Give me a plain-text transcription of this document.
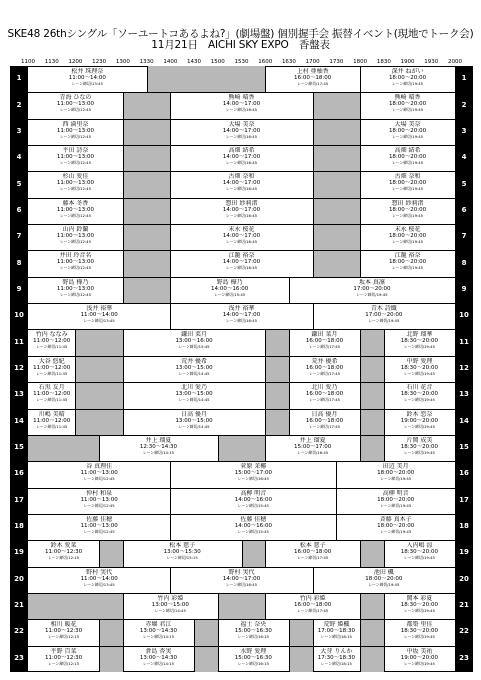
SKE48 26thシングル「ソーユートコあるよね?」(劇場盤) 個別握手会 振替イベント(現地でトーク会)
11月21日　AICHI SKY EXPO　香盤表
1100	1130	1200	1230	1300	1330	1400	1430	1500	1530	1600	1630	1700	1730	1800	1830	1900	1930	2000
松井 珠理奈
11:00〜14:00
レーン締切/13:45
上村 亜柚香
16:00〜18:00
レーン締切/17:45
深井 ねがい
18:00〜20:00
レーン締切/19:45
1	1
青海 ひなの
11:00〜13:00
レーン締切/12:45
熊崎 晴香
14:00〜17:00
レーン締切/16:45
熊崎 晴香
18:00〜20:00
レーン締切/19:45
2	2
西 満里奈
11:00〜13:00
レーン締切/12:45
大場 美奈
14:00〜17:00
レーン締切/16:45
大場 美奈
18:00〜20:00
レーン締切/19:45
3	3
平田 詩奈
11:00〜13:00
レーン締切/12:45
高畑 結希
14:00〜17:00
レーン締切/16:45
高畑 結希
18:00〜20:00
レーン締切/19:45
4	4
杉山 愛佳
11:00〜13:00
レーン締切/12:45
古畑 奈和
14:00〜17:00
レーン締切/16:45
古畑 奈和
18:00〜20:00
レーン締切/19:45
5	5
藤本 冬香
11:00〜13:00
レーン締切/12:45
惣田 紗莉渚
14:00〜17:00
レーン締切/16:45
惣田 紗莉渚
18:00〜20:00
レーン締切/19:45
6	6
山内 鈴蘭
11:00〜13:00
レーン締切/12:45
末永 桜花
14:00〜17:00
レーン締切/16:45
末永 桜花
18:00〜20:00
レーン締切/19:45
7	7
井田 玲音名
11:00〜13:00
レーン締切/12:45
江籠 裕奈
14:00〜17:00
レーン締切/16:45
江籠 裕奈
18:00〜20:00
レーン締切/19:45
8	8
野島 樺乃
11:00〜13:00
レーン締切/12:45
野島 樺乃
14:00〜16:00
レーン締切/15:45
坂本 真凛
17:00〜20:00
レーン締切/19:45
9	9
浅井 裕華
11:00〜14:00
レーン締切/13:45
浅井 裕華
14:00〜17:00
レーン締切/16:45
青木 詩織
17:00〜20:00
レーン締切/19:45
10	10
竹内 ななみ
11:00〜12:00
レーン締切/11:45
鎌田 菜月
13:00〜16:00
レーン締切/15:45
鎌田 菜月
16:00〜18:00
レーン締切/17:45
北野 瑠華
18:30〜20:00
レーン締切/19:45
11	11
大谷 悠妃
11:00〜12:00
レーン締切/11:45
荒井 優希
13:00〜15:00
レーン締切/14:45
荒井 優希
16:00〜18:00
レーン締切/17:45
中野 愛理
18:30〜20:00
レーン締切/19:45
12	12
石黒 友月
11:00〜12:00
レーン締切/11:45
北川 愛乃
13:00〜15:00
レーン締切/14:45
北川 愛乃
16:00〜18:00
レーン締切/17:45
石川 花音
18:30〜20:00
レーン締切/19:45
13	13
川嶋 美晴
11:00〜12:00
レーン締切/11:45
日高 優月
13:00〜15:00
レーン締切/14:45
日高 優月
16:00〜18:00
レーン締切/17:45
鈴木 恋奈
19:00〜20:00
レーン締切/19:45
14	14
井上 瑠夏
12:30〜14:30
レーン締切/14:15
井上 瑠夏
15:00〜17:00
レーン締切/16:45
片岡 成美
18:30〜20:00
レーン締切/19:45
15	15
谷 真理佳
11:00〜13:00
レーン締切/12:45
菅原 茉椰
15:00〜17:00
レーン締切/16:45
田辺 美月
18:00〜20:00
レーン締切/19:45
16	16
仲村 和泉
11:00〜13:00
レーン締切/12:45
高柳 明音
14:00〜16:00
レーン締切/15:45
高柳 明音
18:00〜20:00
レーン締切/19:45
17	17
佐藤 佳穂
11:00〜13:00
レーン締切/12:45
佐藤 佳穂
14:00〜16:00
レーン締切/15:45
斉藤 真木子
18:00〜20:00
レーン締切/19:45
18	18
鈴木 愛菜
11:00〜12:30
レーン締切/12:15
松本 慈子
13:00〜15:30
レーン締切/15:15
松本 慈子
16:00〜18:00
レーン締切/17:45
入内嶋 涼
18:30〜20:00
レーン締切/19:45
19	19
野村 実代
11:00〜14:00
レーン締切/13:45
野村 実代
14:00〜17:00
レーン締切/16:45
池田 楓
18:00〜20:00
レーン締切/19:45
20	20
竹内 彩姫
13:00〜15:00
レーン締切/14:45
竹内 彩姫
16:00〜18:00
レーン締切/17:45
岡本 彩夏
18:30〜20:00
レーン締切/19:45
21	21
相川 暖花
11:00〜12:30
レーン締切/12:15
赤堀 君江
13:00〜14:30
レーン締切/14:15
福士 奈央
15:00〜16:30
レーン締切/16:15
荒野 姫楓
17:00〜18:30
レーン締切/18:15
都築 里佳
18:30〜20:00
レーン締切/19:45
22	22
平野 百菜
11:00〜12:30
レーン締切/12:15
倉島 杏実
13:00〜14:30
レーン締切/14:15
水野 愛理
15:00〜16:30
レーン締切/16:15
大芽 りんか
17:30〜18:30
レーン締切/18:15
中坂 美祐
19:00〜20:00
レーン締切/19:45
23	23
